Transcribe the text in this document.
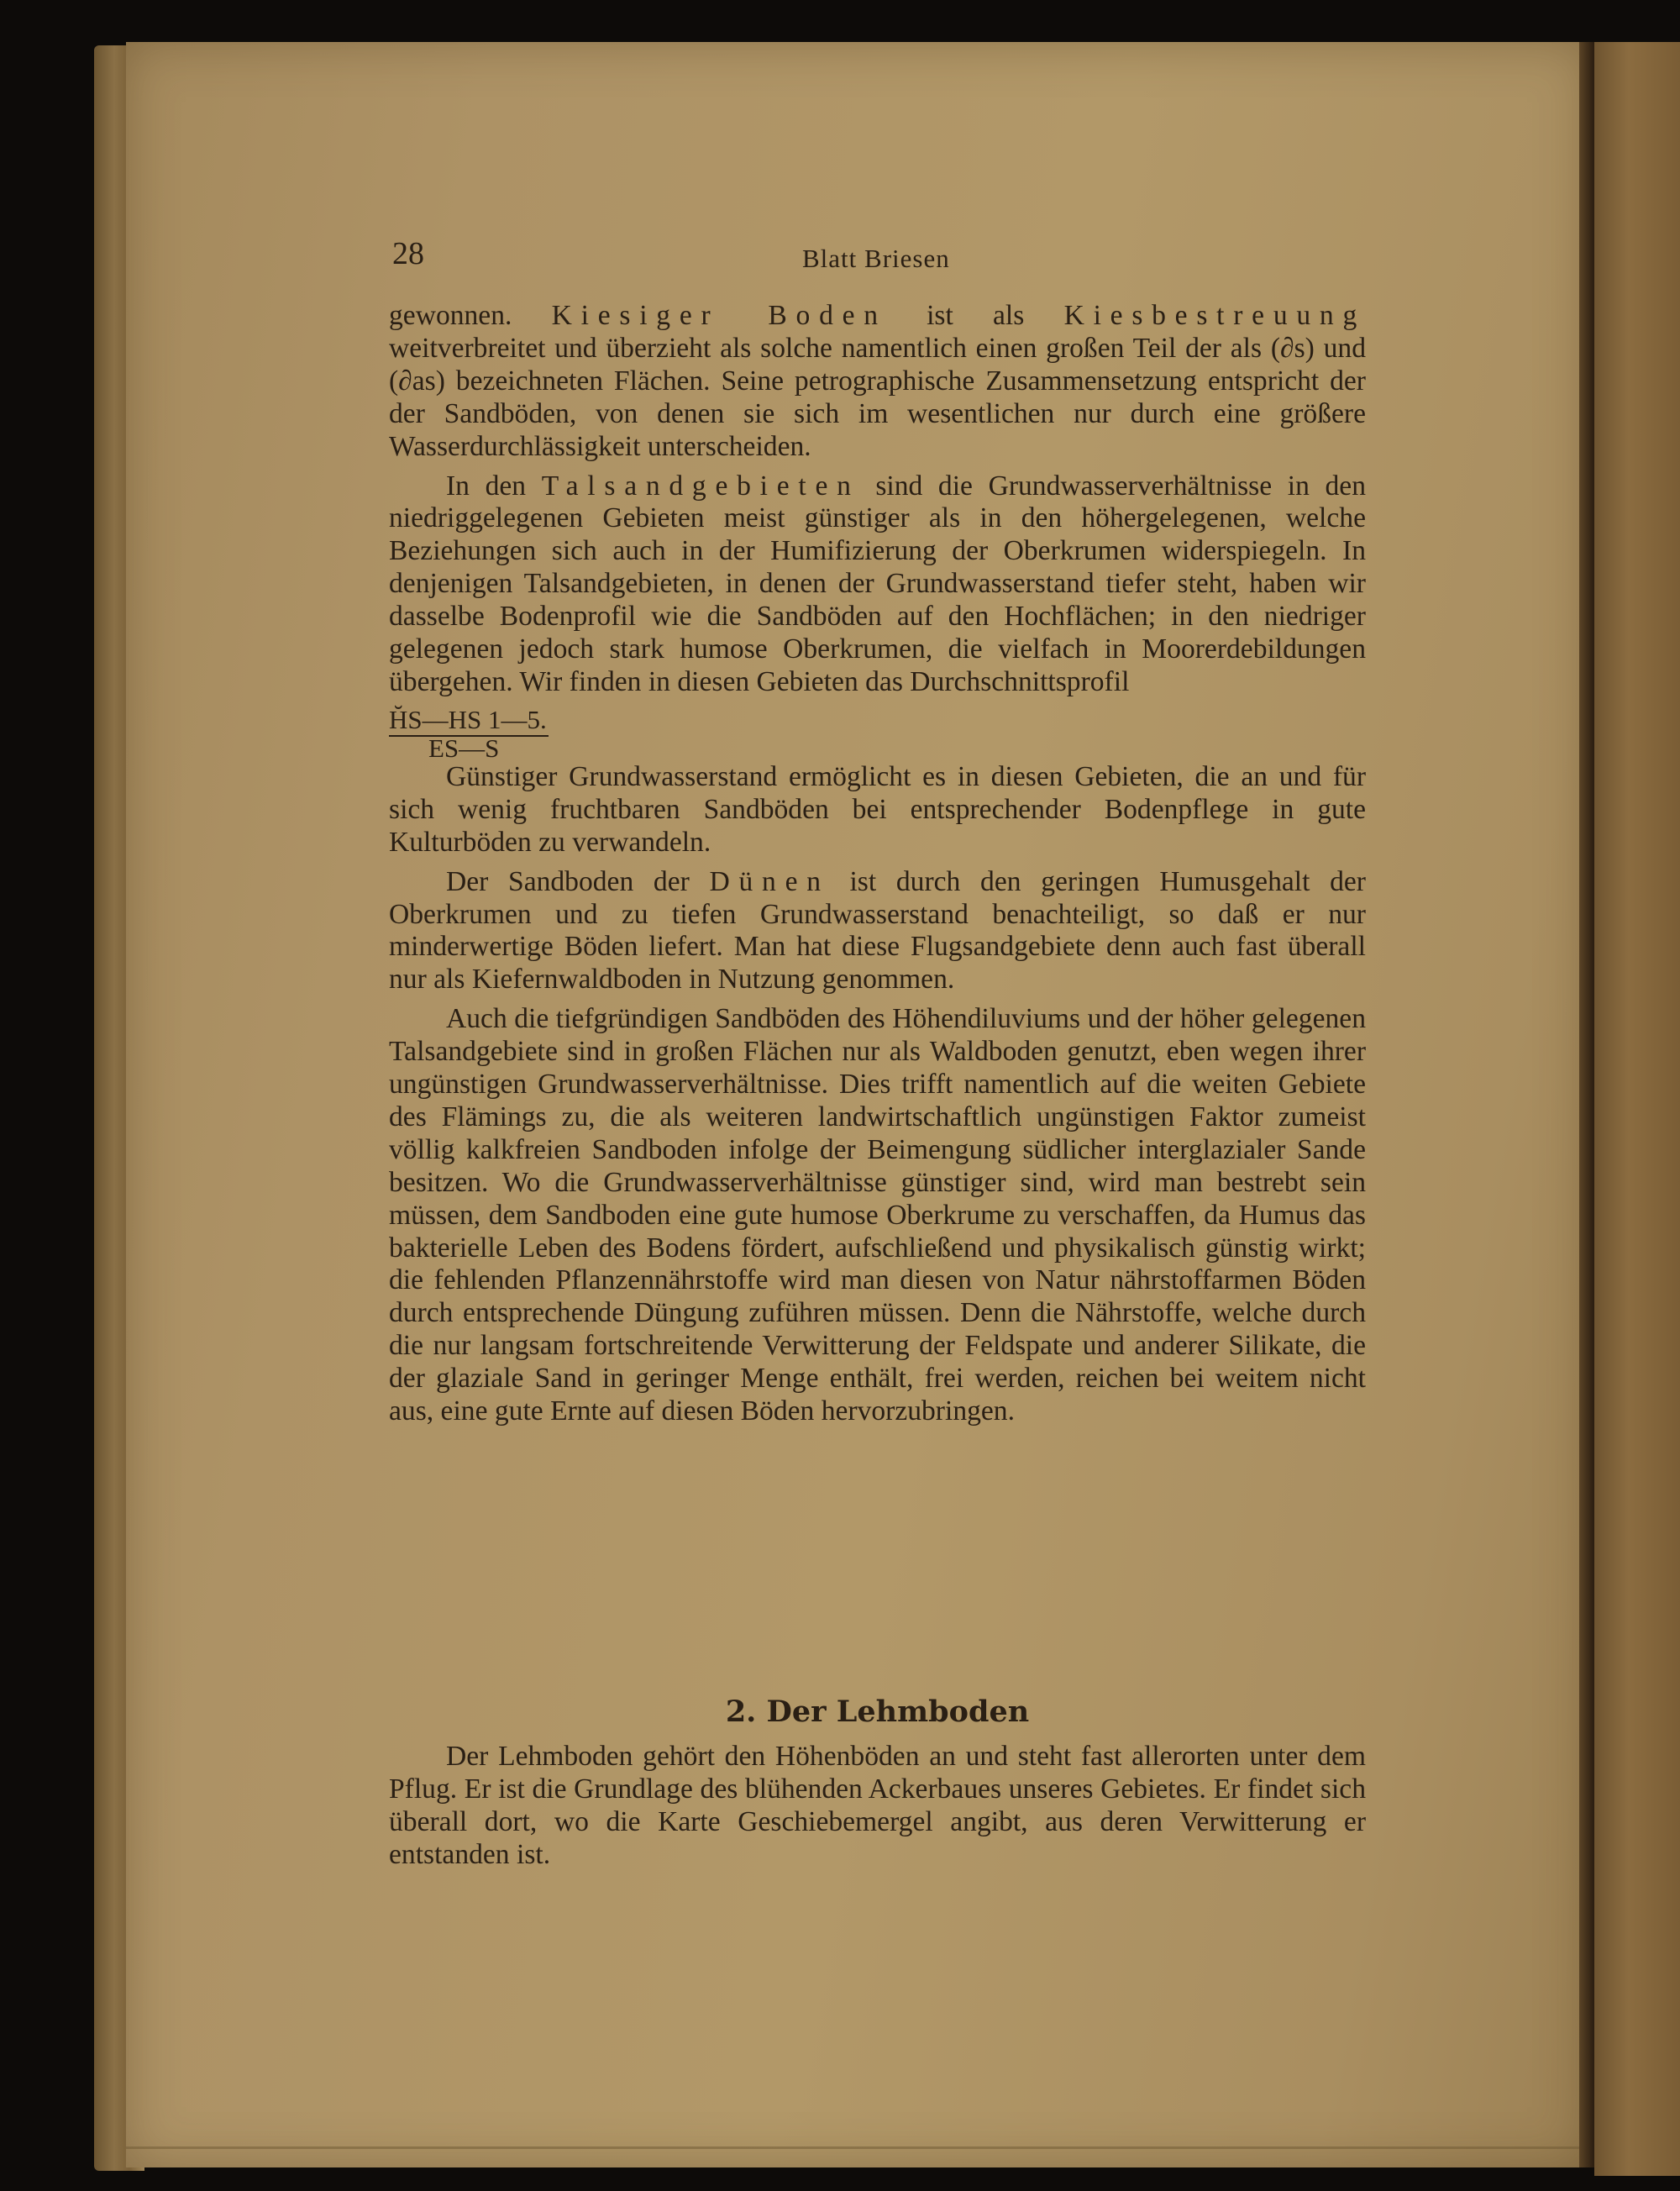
28	Blatt Briesen

gewonnen. Kiesiger Boden ist als Kiesbestreuung weitverbreitet und überzieht als solche namentlich einen großen Teil der als (∂s) und (∂as) bezeichneten Flächen. Seine petrographische Zusammensetzung entspricht der der Sandböden, von denen sie sich im wesentlichen nur durch eine größere Wasserdurchlässigkeit unterscheiden.

In den Talsandgebieten sind die Grundwasserverhältnisse in den niedriggelegenen Gebieten meist günstiger als in den höhergelegenen, welche Beziehungen sich auch in der Humifizierung der Oberkrumen widerspiegeln. In denjenigen Talsandgebieten, in denen der Grundwasserstand tiefer steht, haben wir dasselbe Bodenprofil wie die Sandböden auf den Hochflächen; in den niedriger gelegenen jedoch stark humose Oberkrumen, die vielfach in Moorerdebildungen übergehen. Wir finden in diesen Gebieten das Durchschnittsprofil

H̆S—HS 1—5.
ES—S

Günstiger Grundwasserstand ermöglicht es in diesen Gebieten, die an und für sich wenig fruchtbaren Sandböden bei entsprechender Bodenpflege in gute Kulturböden zu verwandeln.

Der Sandboden der Dünen ist durch den geringen Humusgehalt der Oberkrumen und zu tiefen Grundwasserstand benachteiligt, so daß er nur minderwertige Böden liefert. Man hat diese Flugsandgebiete denn auch fast überall nur als Kiefernwaldboden in Nutzung genommen.

Auch die tiefgründigen Sandböden des Höhendiluviums und der höher gelegenen Talsandgebiete sind in großen Flächen nur als Waldboden genutzt, eben wegen ihrer ungünstigen Grundwasserverhältnisse. Dies trifft namentlich auf die weiten Gebiete des Flämings zu, die als weiteren landwirtschaftlich ungünstigen Faktor zumeist völlig kalkfreien Sandboden infolge der Beimengung südlicher interglazialer Sande besitzen. Wo die Grundwasserverhältnisse günstiger sind, wird man bestrebt sein müssen, dem Sandboden eine gute humose Oberkrume zu verschaffen, da Humus das bakterielle Leben des Bodens fördert, aufschließend und physikalisch günstig wirkt; die fehlenden Pflanzennährstoffe wird man diesen von Natur nährstoffarmen Böden durch entsprechende Düngung zuführen müssen. Denn die Nährstoffe, welche durch die nur langsam fortschreitende Verwitterung der Feldspate und anderer Silikate, die der glaziale Sand in geringer Menge enthält, frei werden, reichen bei weitem nicht aus, eine gute Ernte auf diesen Böden hervorzubringen.

2. Der Lehmboden

Der Lehmboden gehört den Höhenböden an und steht fast allerorten unter dem Pflug. Er ist die Grundlage des blühenden Ackerbaues unseres Gebietes. Er findet sich überall dort, wo die Karte Geschiebemergel angibt, aus deren Verwitterung er entstanden ist.
